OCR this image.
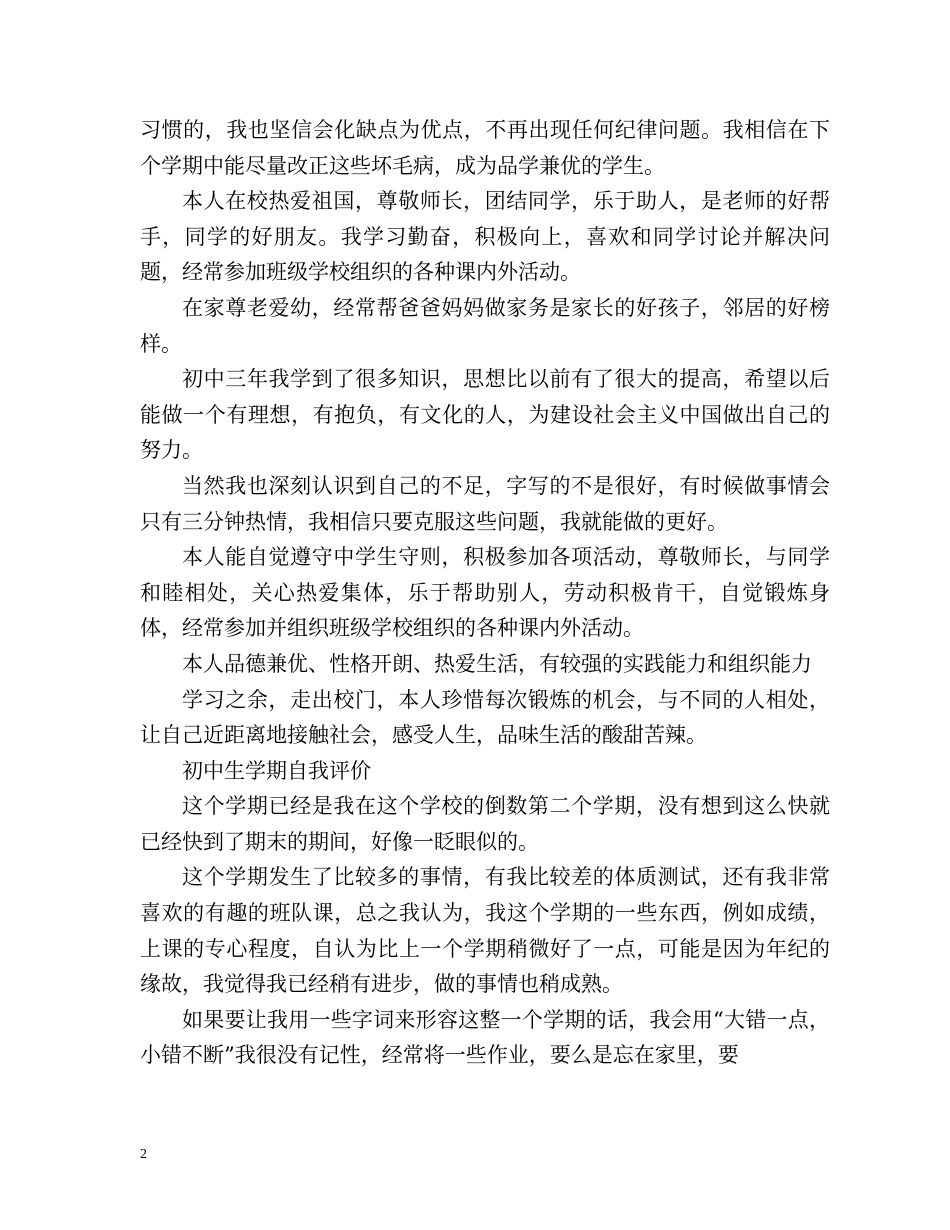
习惯的，我也坚信会化缺点为优点，不再出现任何纪律问题。我相信在下个学期中能尽量改正这些坏毛病，成为品学兼优的学生。

本人在校热爱祖国，尊敬师长，团结同学，乐于助人，是老师的好帮手，同学的好朋友。我学习勤奋，积极向上，喜欢和同学讨论并解决问题，经常参加班级学校组织的各种课内外活动。

在家尊老爱幼，经常帮爸爸妈妈做家务是家长的好孩子，邻居的好榜样。

初中三年我学到了很多知识，思想比以前有了很大的提高，希望以后能做一个有理想，有抱负，有文化的人，为建设社会主义中国做出自己的努力。

当然我也深刻认识到自己的不足，字写的不是很好，有时候做事情会只有三分钟热情，我相信只要克服这些问题，我就能做的更好。

本人能自觉遵守中学生守则，积极参加各项活动，尊敬师长，与同学和睦相处，关心热爱集体，乐于帮助别人，劳动积极肯干，自觉锻炼身体，经常参加并组织班级学校组织的各种课内外活动。

本人品德兼优、性格开朗、热爱生活，有较强的实践能力和组织能力

学习之余，走出校门，本人珍惜每次锻炼的机会，与不同的人相处，让自己近距离地接触社会，感受人生，品味生活的酸甜苦辣。

初中生学期自我评价

这个学期已经是我在这个学校的倒数第二个学期，没有想到这么快就已经快到了期末的期间，好像一眨眼似的。

这个学期发生了比较多的事情，有我比较差的体质测试，还有我非常喜欢的有趣的班队课，总之我认为，我这个学期的一些东西，例如成绩，上课的专心程度，自认为比上一个学期稍微好了一点，可能是因为年纪的缘故，我觉得我已经稍有进步，做的事情也稍成熟。

如果要让我用一些字词来形容这整一个学期的话，我会用“大错一点，小错不断”我很没有记性，经常将一些作业，要么是忘在家里，要

2
